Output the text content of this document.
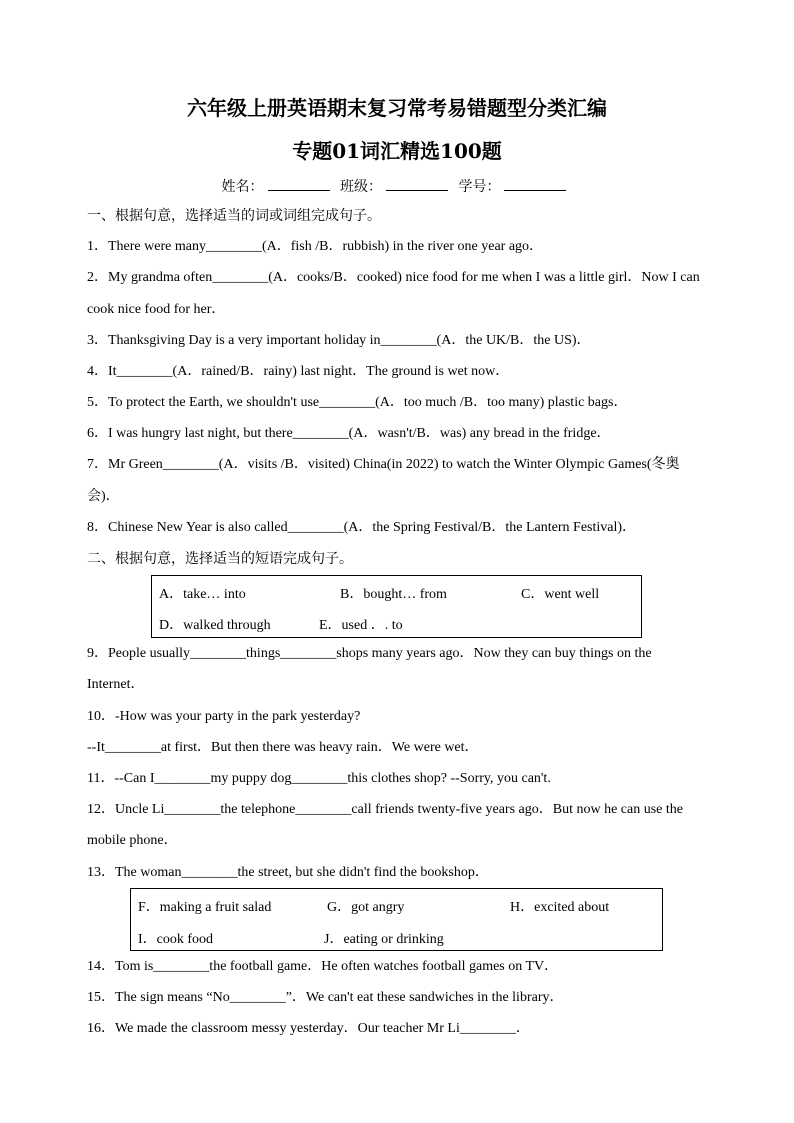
六年级上册英语期末复习常考易错题型分类汇编
专题01词汇精选100题
姓名：	班级：	学号：
一、根据句意，选择适当的词或词组完成句子。
1．There were many________(A．fish /B．rubbish) in the river one year ago．
2．My grandma often________(A．cooks/B．cooked) nice food for me when I was a little girl．Now I can
cook nice food for her．
3．Thanksgiving Day is a very important holiday in________(A．the UK/B．the US)．
4．It________(A．rained/B．rainy) last night．The ground is wet now．
5．To protect the Earth, we shouldn't use________(A．too much /B．too many) plastic bags．
6．I was hungry last night, but there________(A．wasn't/B．was) any bread in the fridge．
7．Mr Green________(A．visits /B．visited) China(in 2022) to watch the Winter Olympic Games(冬奥
会)．
8．Chinese New Year is also called________(A．the Spring Festival/B．the Lantern Festival)．
二、根据句意，选择适当的短语完成句子。
A．take… into	B．bought… from	C．went well
D．walked through	E．used ．. to
9．People usually________things________shops many years ago．Now they can buy things on the
Internet．
10．-How was your party in the park yesterday?
--It________at first．But then there was heavy rain．We were wet．
11．--Can I________my puppy dog________this clothes shop? --Sorry, you can't.
12．Uncle Li________the telephone________call friends twenty-five years ago．But now he can use the
mobile phone．
13．The woman________the street, but she didn't find the bookshop．
F．making a fruit salad	G．got angry	H．excited about
I．cook food	J．eating or drinking
14．Tom is________the football game．He often watches football games on TV．
15．The sign means “No________”．We can't eat these sandwiches in the library．
16．We made the classroom messy yesterday．Our teacher Mr Li________．
